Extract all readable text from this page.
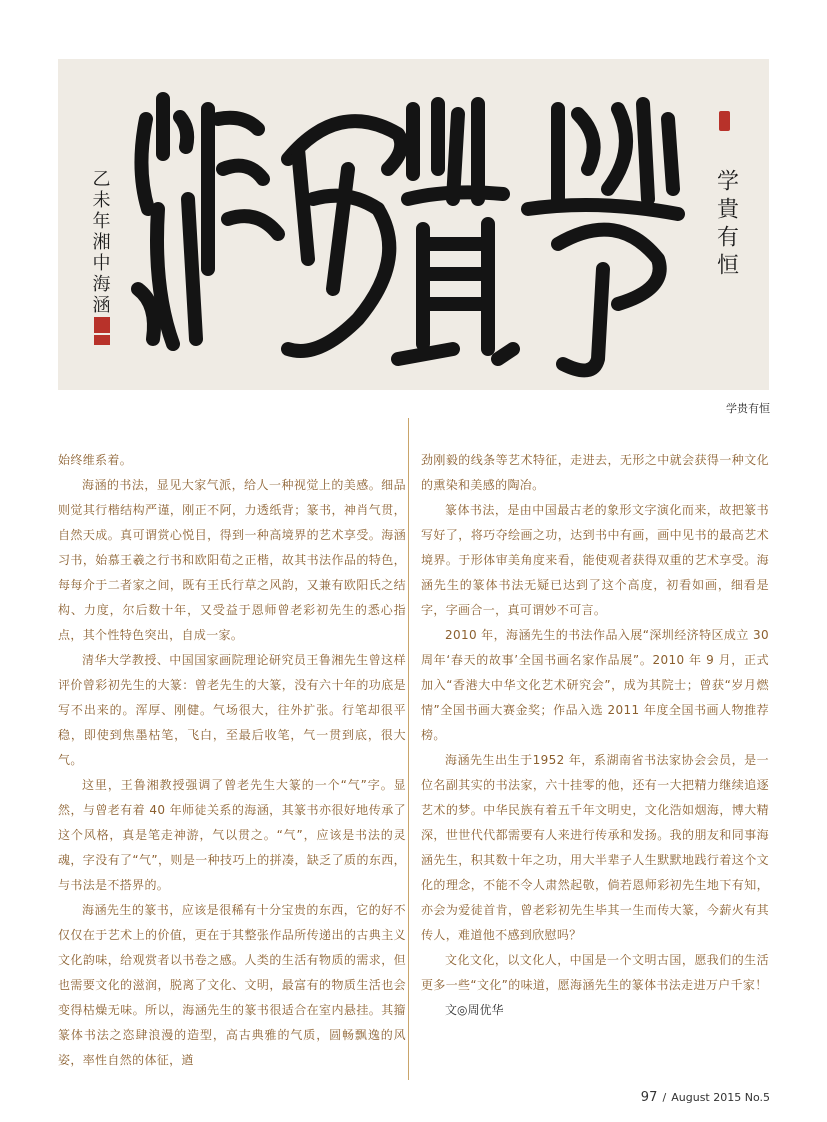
学貴有恒
乙未年湘中海涵
学贵有恒

始终维系着。

海涵的书法，显见大家气派，给人一种视觉上的美感。细品则觉其行楷结构严谨，刚正不阿，力透纸背；篆书，神肖气贯，自然天成。真可谓赏心悦目，得到一种高境界的艺术享受。海涵习书，始慕王羲之行书和欧阳荀之正楷，故其书法作品的特色，每每介于二者家之间，既有王氏行草之风韵，又兼有欧阳氏之结构、力度，尔后数十年，又受益于恩师曾老彩初先生的悉心指点，其个性特色突出，自成一家。

清华大学教授、中国国家画院理论研究员王鲁湘先生曾这样评价曾彩初先生的大篆：曾老先生的大篆，没有六十年的功底是写不出来的。浑厚、刚健。气场很大，往外扩张。行笔却很平稳，即使到焦墨枯笔，飞白，至最后收笔，气一贯到底，很大气。

这里，王鲁湘教授强调了曾老先生大篆的一个“气”字。显然，与曾老有着 40 年师徒关系的海涵，其篆书亦很好地传承了这个风格，真是笔走神游，气以贯之。“气”，应该是书法的灵魂，字没有了“气”，则是一种技巧上的拼凑，缺乏了质的东西，与书法是不搭界的。

海涵先生的篆书，应该是很稀有十分宝贵的东西，它的好不仅仅在于艺术上的价值，更在于其整张作品所传递出的古典主义文化韵味，给观赏者以书卷之感。人类的生活有物质的需求，但也需要文化的滋润，脱离了文化、文明，最富有的物质生活也会变得枯燥无味。所以，海涵先生的篆书很适合在室内悬挂。其籀篆体书法之恣肆浪漫的造型，高古典雅的气质，圆畅飘逸的风姿，率性自然的体征，遒

劲刚毅的线条等艺术特征，走进去，无形之中就会获得一种文化的熏染和美感的陶冶。

篆体书法，是由中国最古老的象形文字演化而来，故把篆书写好了，将巧夺绘画之功，达到书中有画，画中见书的最高艺术境界。于形体审美角度来看，能使观者获得双重的艺术享受。海涵先生的篆体书法无疑已达到了这个高度，初看如画，细看是字，字画合一，真可谓妙不可言。

2010 年，海涵先生的书法作品入展“深圳经济特区成立 30 周年‘春天的故事’全国书画名家作品展”。2010 年 9 月，正式加入“香港大中华文化艺术研究会”，成为其院士；曾获“岁月燃情”全国书画大赛金奖；作品入选 2011 年度全国书画人物推荐榜。

海涵先生出生于1952 年，系湖南省书法家协会会员，是一位名副其实的书法家，六十挂零的他，还有一大把精力继续追逐艺术的梦。中华民族有着五千年文明史，文化浩如烟海，博大精深，世世代代都需要有人来进行传承和发扬。我的朋友和同事海涵先生，积其数十年之功，用大半辈子人生默默地践行着这个文化的理念，不能不令人肃然起敬，倘若恩师彩初先生地下有知，亦会为爱徒首肯，曾老彩初先生毕其一生而传大篆，今薪火有其传人，难道他不感到欣慰吗？

文化文化，以文化人，中国是一个文明古国，愿我们的生活更多一些“文化”的味道，愿海涵先生的篆体书法走进万户千家！

文◎周优华

97 / August 2015 No.5
